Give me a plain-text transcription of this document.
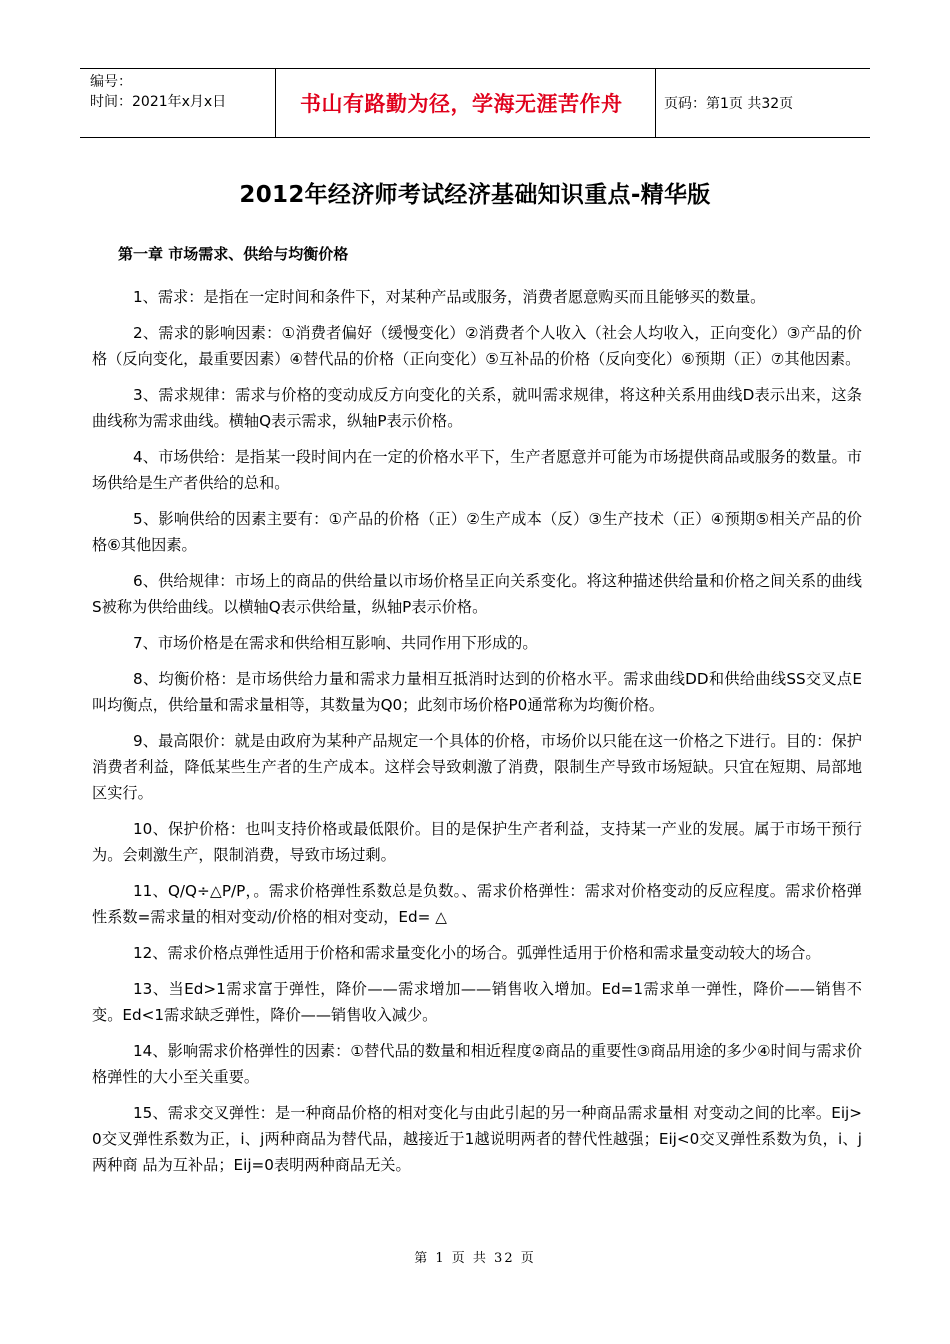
编号：
时间：2021年x月x日	书山有路勤为径，学海无涯苦作舟	页码：第1页 共32页
2012年经济师考试经济基础知识重点-精华版
第一章 市场需求、供给与均衡价格

1、需求：是指在一定时间和条件下，对某种产品或服务，消费者愿意购买而且能够买的数量。

2、需求的影响因素：①消费者偏好（缓慢变化）②消费者个人收入（社会人均收入，正向变化）③产品的价格（反向变化，最重要因素）④替代品的价格（正向变化）⑤互补品的价格（反向变化）⑥预期（正）⑦其他因素。

3、需求规律：需求与价格的变动成反方向变化的关系，就叫需求规律，将这种关系用曲线D表示出来，这条曲线称为需求曲线。横轴Q表示需求，纵轴P表示价格。

4、市场供给：是指某一段时间内在一定的价格水平下，生产者愿意并可能为市场提供商品或服务的数量。市场供给是生产者供给的总和。

5、影响供给的因素主要有：①产品的价格（正）②生产成本（反）③生产技术（正）④预期⑤相关产品的价格⑥其他因素。

6、供给规律：市场上的商品的供给量以市场价格呈正向关系变化。将这种描述供给量和价格之间关系的曲线S被称为供给曲线。以横轴Q表示供给量，纵轴P表示价格。

7、市场价格是在需求和供给相互影响、共同作用下形成的。

8、均衡价格：是市场供给力量和需求力量相互抵消时达到的价格水平。需求曲线DD和供给曲线SS交叉点E叫均衡点，供给量和需求量相等，其数量为Q0；此刻市场价格P0通常称为均衡价格。

9、最高限价：就是由政府为某种产品规定一个具体的价格，市场价以只能在这一价格之下进行。目的：保护消费者利益，降低某些生产者的生产成本。这样会导致刺激了消费，限制生产导致市场短缺。只宜在短期、局部地区实行。

10、保护价格：也叫支持价格或最低限价。目的是保护生产者利益，支持某一产业的发展。属于市场干预行为。会刺激生产，限制消费，导致市场过剩。

11、Q/Q÷△P/P，。需求价格弹性系数总是负数。、需求价格弹性：需求对价格变动的反应程度。需求价格弹性系数=需求量的相对变动/价格的相对变动，Ed= △

12、需求价格点弹性适用于价格和需求量变化小的场合。弧弹性适用于价格和需求量变动较大的场合。

13、当Ed>1需求富于弹性，降价——需求增加——销售收入增加。Ed=1需求单一弹性，降价——销售不变。Ed<1需求缺乏弹性，降价——销售收入减少。

14、影响需求价格弹性的因素：①替代品的数量和相近程度②商品的重要性③商品用途的多少④时间与需求价格弹性的大小至关重要。

15、需求交叉弹性：是一种商品价格的相对变化与由此引起的另一种商品需求量相 对变动之间的比率。Eij>0交叉弹性系数为正，i、j两种商品为替代品，越接近于1越说明两者的替代性越强；Eij<0交叉弹性系数为负，i、j两种商 品为互补品；Eij=0表明两种商品无关。

第 1 页 共 32 页
